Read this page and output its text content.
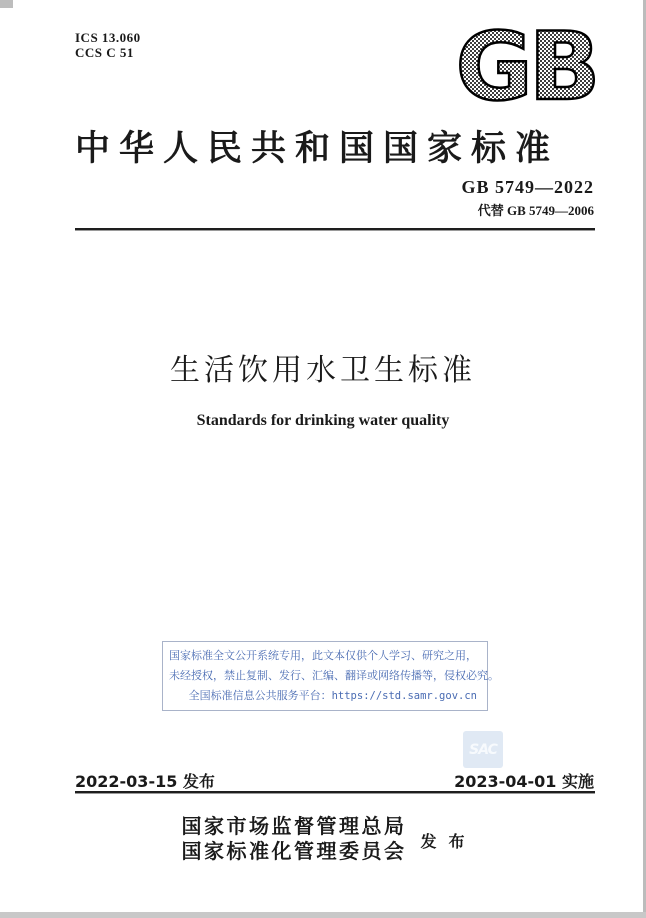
ICS 13.060
CCS C 51	GB
中华人民共和国国家标准
GB 5749—2022
代替 GB 5749—2006
生活饮用水卫生标准
Standards for drinking water quality
国家标准全文公开系统专用，此文本仅供个人学习、研究之用，
未经授权，禁止复制、发行、汇编、翻译或网络传播等，侵权必究。
全国标准信息公共服务平台：https://std.samr.gov.cn
SAC
2022-03-15 发布	2023-04-01 实施
国家市场监督管理总局
国家标准化管理委员会 发布
